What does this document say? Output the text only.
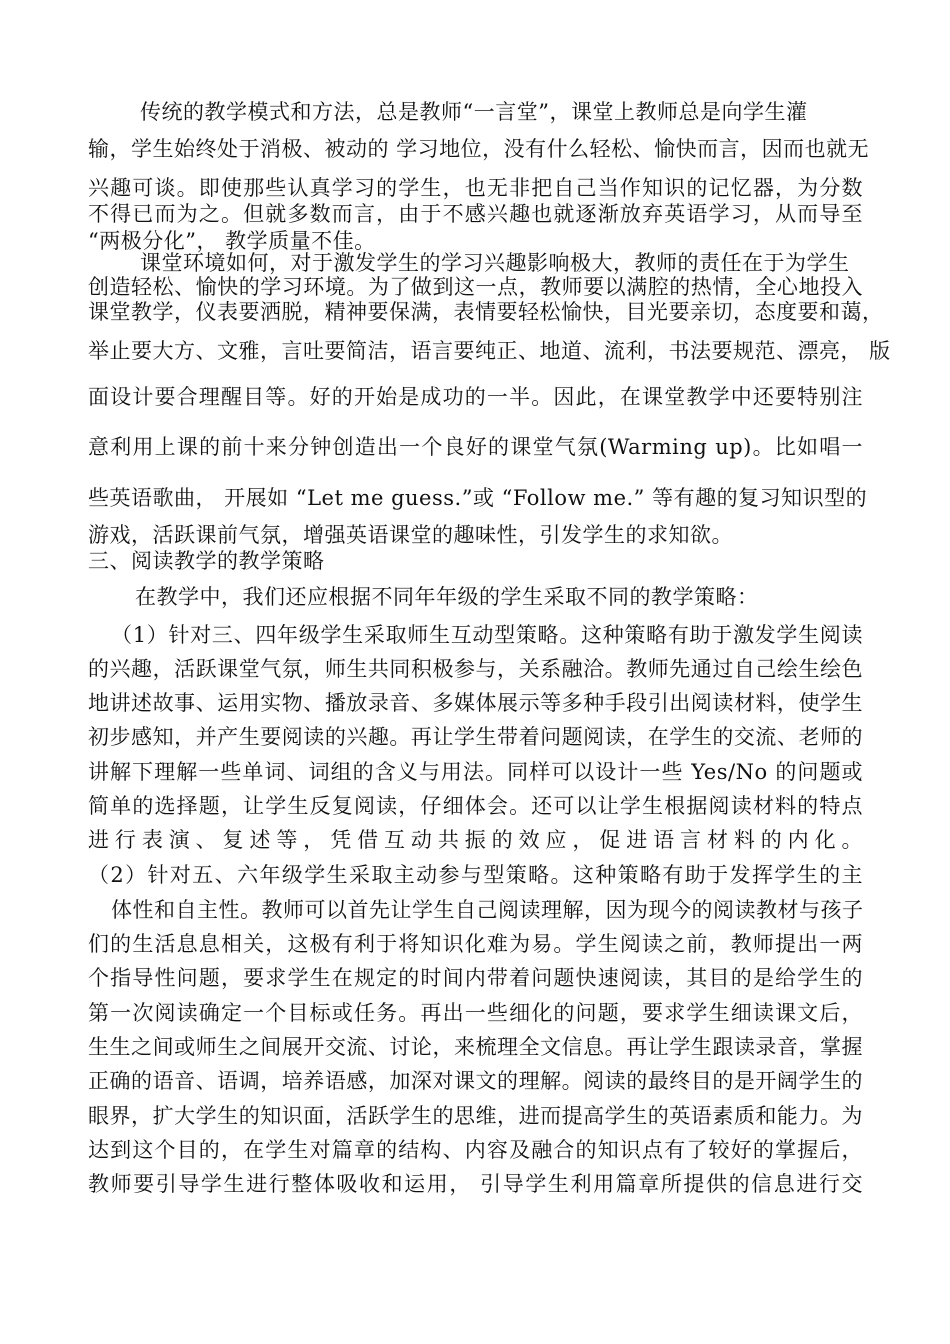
传统的教学模式和方法，总是教师“一言堂”，课堂上教师总是向学生灌
输，学生始终处于消极、被动的 学习地位，没有什么轻松、愉快而言，因而也就无
兴趣可谈。即使那些认真学习的学生，也无非把自己当作知识的记忆器，为分数
不得已而为之。但就多数而言，由于不感兴趣也就逐渐放弃英语学习，从而导至
“两极分化”， 教学质量不佳。
课堂环境如何，对于激发学生的学习兴趣影响极大，教师的责任在于为学生
创造轻松、愉快的学习环境。为了做到这一点，教师要以满腔的热情，全心地投入
课堂教学，仪表要洒脱，精神要保满，表情要轻松愉快，目光要亲切，态度要和蔼，
举止要大方、文雅，言吐要简洁，语言要纯正、地道、流利，书法要规范、漂亮， 版
面设计要合理醒目等。好的开始是成功的一半。因此，在课堂教学中还要特别注
意利用上课的前十来分钟创造出一个良好的课堂气氛(Warming up)。比如唱一
些英语歌曲， 开展如 “Let me guess.”或 “Follow me.” 等有趣的复习知识型的
游戏，活跃课前气氛，增强英语课堂的趣味性，引发学生的求知欲。
三、阅读教学的教学策略
在教学中，我们还应根据不同年年级的学生采取不同的教学策略：
（1）针对三、四年级学生采取师生互动型策略。这种策略有助于激发学生阅读
的兴趣，活跃课堂气氛，师生共同积极参与，关系融洽。教师先通过自己绘生绘色
地讲述故事、运用实物、播放录音、多媒体展示等多种手段引出阅读材料，使学生
初步感知，并产生要阅读的兴趣。再让学生带着问题阅读，在学生的交流、老师的
讲解下理解一些单词、词组的含义与用法。同样可以设计一些 Yes/No 的问题或
简单的选择题，让学生反复阅读，仔细体会。还可以让学生根据阅读材料的特点
进行表演、复述等，凭借互动共振的效应，促进语言材料的内化。
（2）针对五、六年级学生采取主动参与型策略。这种策略有助于发挥学生的主
体性和自主性。教师可以首先让学生自己阅读理解，因为现今的阅读教材与孩子
们的生活息息相关，这极有利于将知识化难为易。学生阅读之前，教师提出一两
个指导性问题，要求学生在规定的时间内带着问题快速阅读，其目的是给学生的
第一次阅读确定一个目标或任务。再出一些细化的问题，要求学生细读课文后，
生生之间或师生之间展开交流、讨论，来梳理全文信息。再让学生跟读录音，掌握
正确的语音、语调，培养语感，加深对课文的理解。阅读的最终目的是开阔学生的
眼界，扩大学生的知识面，活跃学生的思维，进而提高学生的英语素质和能力。为
达到这个目的，在学生对篇章的结构、内容及融合的知识点有了较好的掌握后，
教师要引导学生进行整体吸收和运用， 引导学生利用篇章所提供的信息进行交
